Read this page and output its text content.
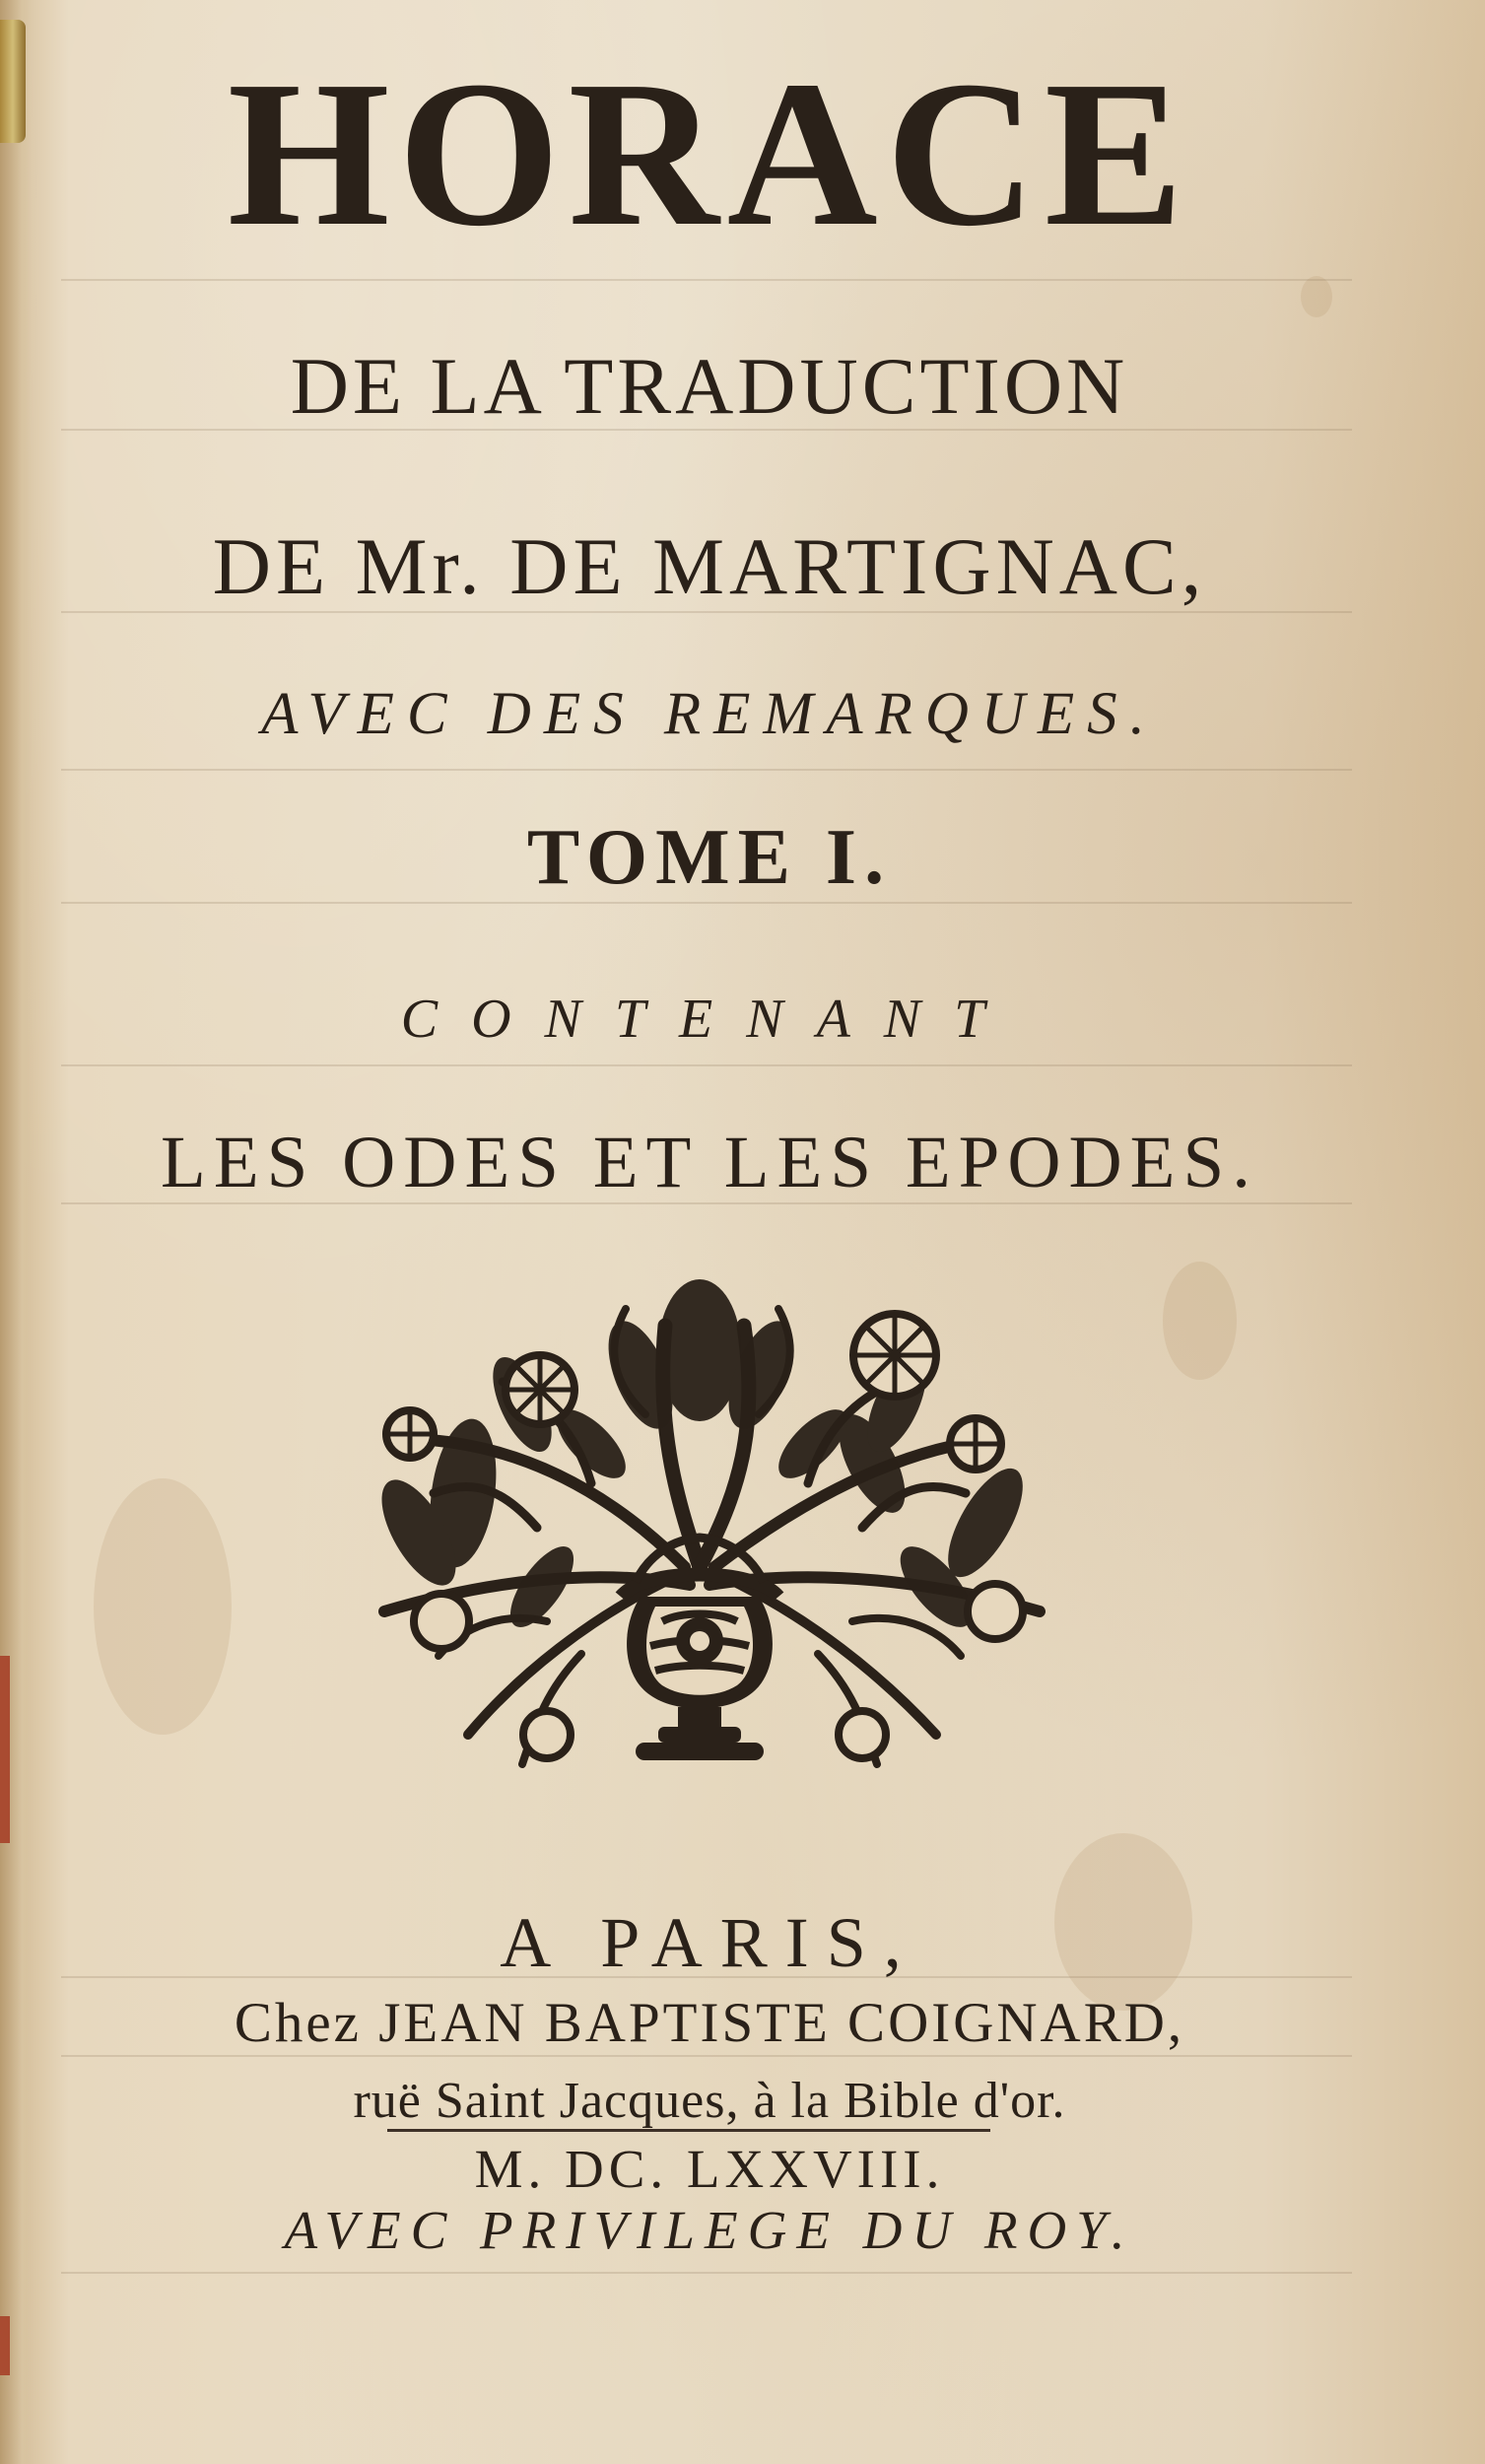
HORACE
DE LA TRADUCTION
DE Mr. DE MARTIGNAC,
AVEC DES REMARQUES.
TOME I.
CONTENANT
LES ODES ET LES EPODES.
A PARIS,
Chez JEAN BAPTISTE COIGNARD,
ruë Saint Jacques, à la Bible d'or.
M. DC. LXXVIII.
AVEC PRIVILEGE DU ROY.
